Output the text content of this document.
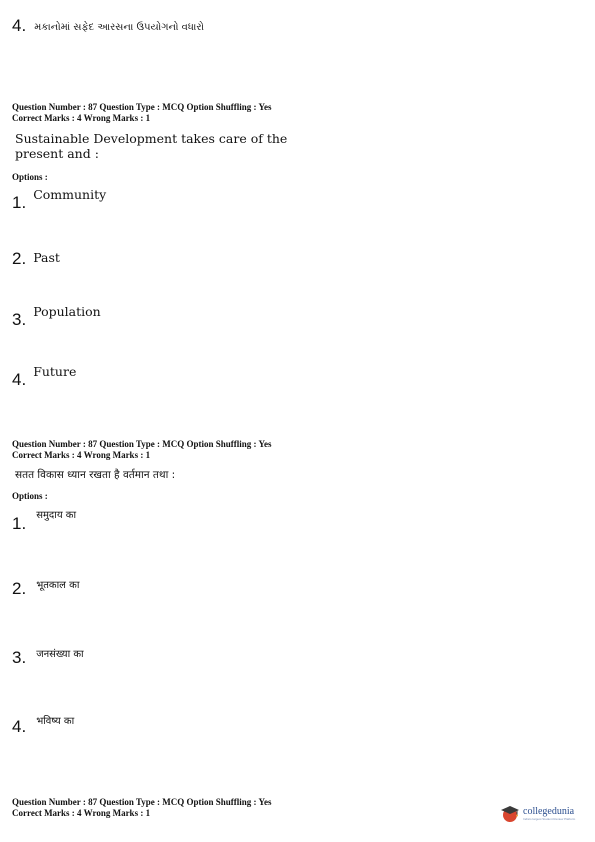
4. મકાનોમાં સફેદ આરસના ઉપયોગનો વધારો
Question Number : 87 Question Type : MCQ Option Shuffling : Yes
Correct Marks : 4 Wrong Marks : 1
Sustainable Development takes care of the
present and :
Options :
1. Community
2. Past
3. Population
4. Future
Question Number : 87 Question Type : MCQ Option Shuffling : Yes
Correct Marks : 4 Wrong Marks : 1
सतत विकास ध्यान रखता है वर्तमान तथा :
Options :
1. समुदाय का
2. भूतकाल का
3. जनसंख्या का
4. भविष्य का
Question Number : 87 Question Type : MCQ Option Shuffling : Yes
Correct Marks : 4 Wrong Marks : 1	collegedunia
India's largest Student Review Platform
